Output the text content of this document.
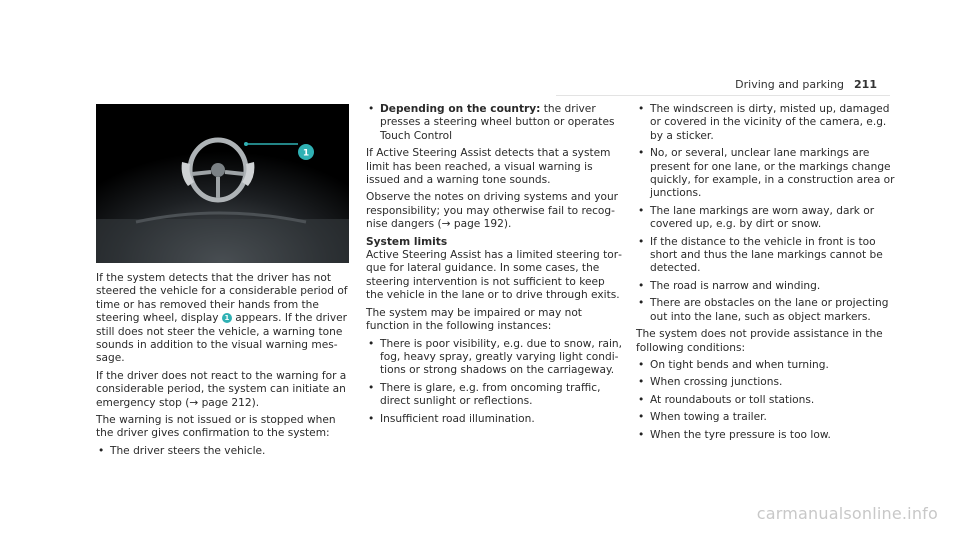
Driving and parking 211
1

If the system detects that the driver has not steered the vehicle for a considerable period of time or has removed their hands from the steering wheel, display 1 appears. If the driver still does not steer the vehicle, a warning tone sounds in addition to the visual warning message.

If the driver does not react to the warning for a considerable period, the system can initiate an emergency stop (→ page 212).

The warning is not issued or is stopped when the driver gives confirmation to the system:

• The driver steers the vehicle.
• Depending on the country: the driver presses a steering wheel button or operates Touch Control

If Active Steering Assist detects that a system limit has been reached, a visual warning is issued and a warning tone sounds.

Observe the notes on driving systems and your responsibility; you may otherwise fail to recognise dangers (→ page 192).

System limits

Active Steering Assist has a limited steering torque for lateral guidance. In some cases, the steering intervention is not sufficient to keep the vehicle in the lane or to drive through exits.

The system may be impaired or may not function in the following instances:

• There is poor visibility, e.g. due to snow, rain, fog, heavy spray, greatly varying light conditions or strong shadows on the carriageway.
• There is glare, e.g. from oncoming traffic, direct sunlight or reflections.
• Insufficient road illumination.
• The windscreen is dirty, misted up, damaged or covered in the vicinity of the camera, e.g. by a sticker.
• No, or several, unclear lane markings are present for one lane, or the markings change quickly, for example, in a construction area or junctions.
• The lane markings are worn away, dark or covered up, e.g. by dirt or snow.
• If the distance to the vehicle in front is too short and thus the lane markings cannot be detected.
• The road is narrow and winding.
• There are obstacles on the lane or projecting out into the lane, such as object markers.

The system does not provide assistance in the following conditions:

• On tight bends and when turning.
• When crossing junctions.
• At roundabouts or toll stations.
• When towing a trailer.
• When the tyre pressure is too low.
carmanualsonline.info
